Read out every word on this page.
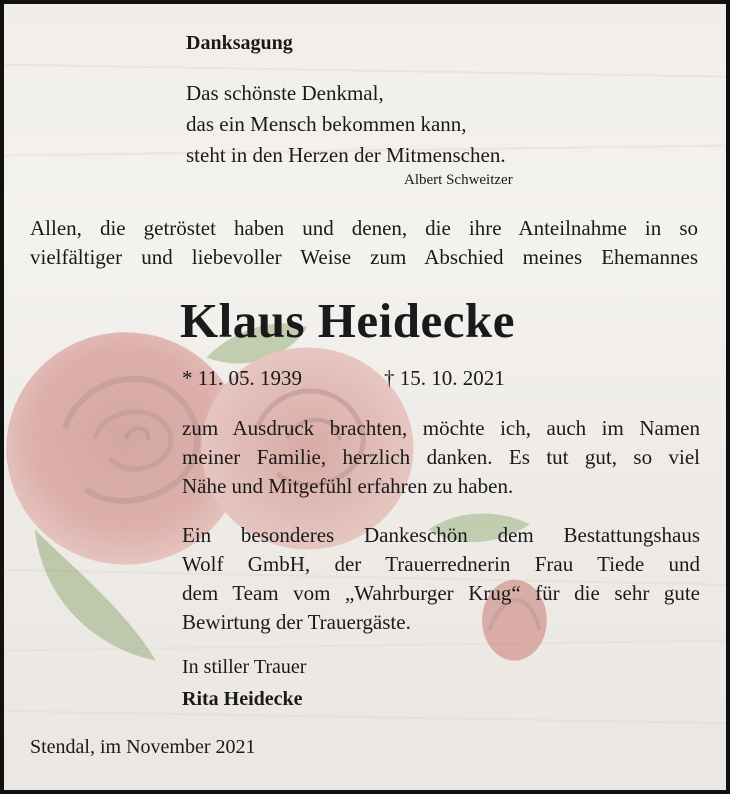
Danksagung

Das schönste Denkmal,

das ein Mensch bekommen kann,

steht in den Herzen der Mitmenschen.

Albert Schweitzer

Allen, die getröstet haben und denen, die ihre Anteilnahme in so
vielfältiger und liebevoller Weise zum Abschied meines Ehemannes

Klaus Heidecke

* 11. 05. 1939	† 15. 10. 2021

zum Ausdruck brachten, möchte ich, auch im Namen
meiner Familie, herzlich danken. Es tut gut, so viel
Nähe und Mitgefühl erfahren zu haben.
Ein besonderes Dankeschön dem Bestattungshaus
Wolf GmbH, der Trauerrednerin Frau Tiede und
dem Team vom „Wahrburger Krug“ für die sehr gute
Bewirtung der Trauergäste.

In stiller Trauer

Rita Heidecke

Stendal, im November 2021
